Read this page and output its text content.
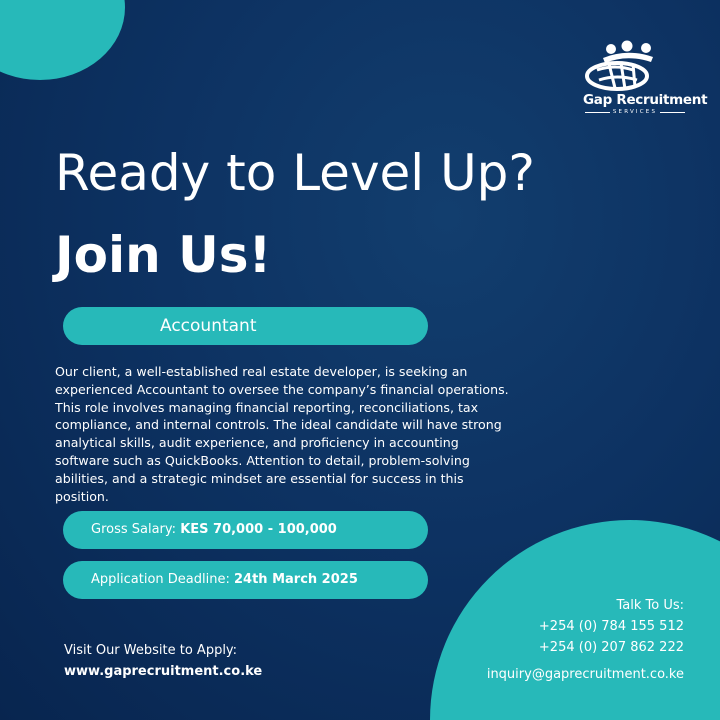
Gap Recruitment
SERVICES
Ready to Level Up?
Join Us!
Accountant
Our client, a well-established real estate developer, is seeking an experienced Accountant to oversee the company’s financial operations. This role involves managing financial reporting, reconciliations, tax compliance, and internal controls. The ideal candidate will have strong analytical skills, audit experience, and proficiency in accounting software such as QuickBooks. Attention to detail, problem-solving abilities, and a strategic mindset are essential for success in this position.
Gross Salary: KES 70,000 - 100,000
Application Deadline: 24th March 2025
Visit Our Website to Apply:
www.gaprecruitment.co.ke
Talk To Us:
+254 (0) 784 155 512
+254 (0) 207 862 222
inquiry@gaprecruitment.co.ke
